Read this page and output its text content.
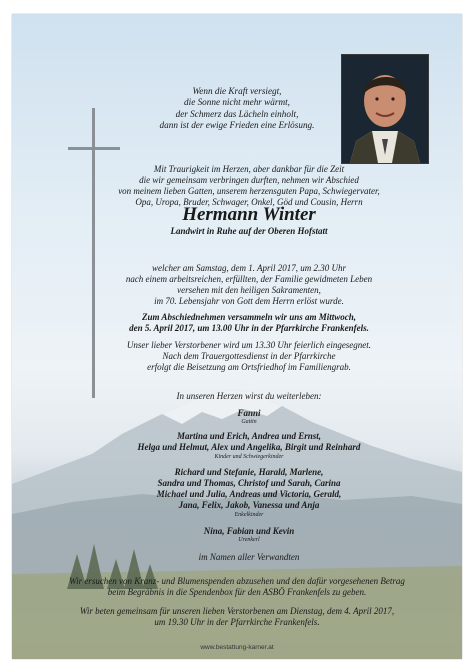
Wenn die Kraft versiegt,
die Sonne nicht mehr wärmt,
der Schmerz das Lächeln einholt,
dann ist der ewige Frieden eine Erlösung.
Mit Traurigkeit im Herzen, aber dankbar für die Zeit
die wir gemeinsam verbringen durften, nehmen wir Abschied
von meinem lieben Gatten, unserem herzensguten Papa, Schwiegervater,
Opa, Uropa, Bruder, Schwager, Onkel, Göd und Cousin, Herrn
Hermann Winter
Landwirt in Ruhe auf der Oberen Hofstatt
welcher am Samstag, dem 1. April 2017, um 2.30 Uhr
nach einem arbeitsreichen, erfüllten, der Familie gewidmeten Leben
versehen mit den heiligen Sakramenten,
im 70. Lebensjahr von Gott dem Herrn erlöst wurde.
Zum Abschiednehmen versammeln wir uns am Mittwoch,
den 5. April 2017, um 13.00 Uhr in der Pfarrkirche Frankenfels.
Unser lieber Verstorbener wird um 13.30 Uhr feierlich eingesegnet.
Nach dem Trauergottesdienst in der Pfarrkirche
erfolgt die Beisetzung am Ortsfriedhof im Familiengrab.
In unseren Herzen wirst du weiterleben:
Fanni
Gattin
Martina und Erich, Andrea und Ernst,
Helga und Helmut, Alex und Angelika, Birgit und Reinhard
Kinder und Schwiegerkinder
Richard und Stefanie, Harald, Marlene,
Sandra und Thomas, Christof und Sarah, Carina
Michael und Julia, Andreas und Victoria, Gerald,
Jana, Felix, Jakob, Vanessa und Anja
Enkelkinder
Nina, Fabian und Kevin
Urenkerl
im Namen aller Verwandten
Wir ersuchen von Kranz- und Blumenspenden abzusehen und den dafür vorgesehenen Betrag
beim Begräbnis in die Spendenbox für den ASBÖ Frankenfels zu geben.
Wir beten gemeinsam für unseren lieben Verstorbenen am Dienstag, dem 4. April 2017,
um 19.30 Uhr in der Pfarrkirche Frankenfels.
www.bestattung-karner.at
